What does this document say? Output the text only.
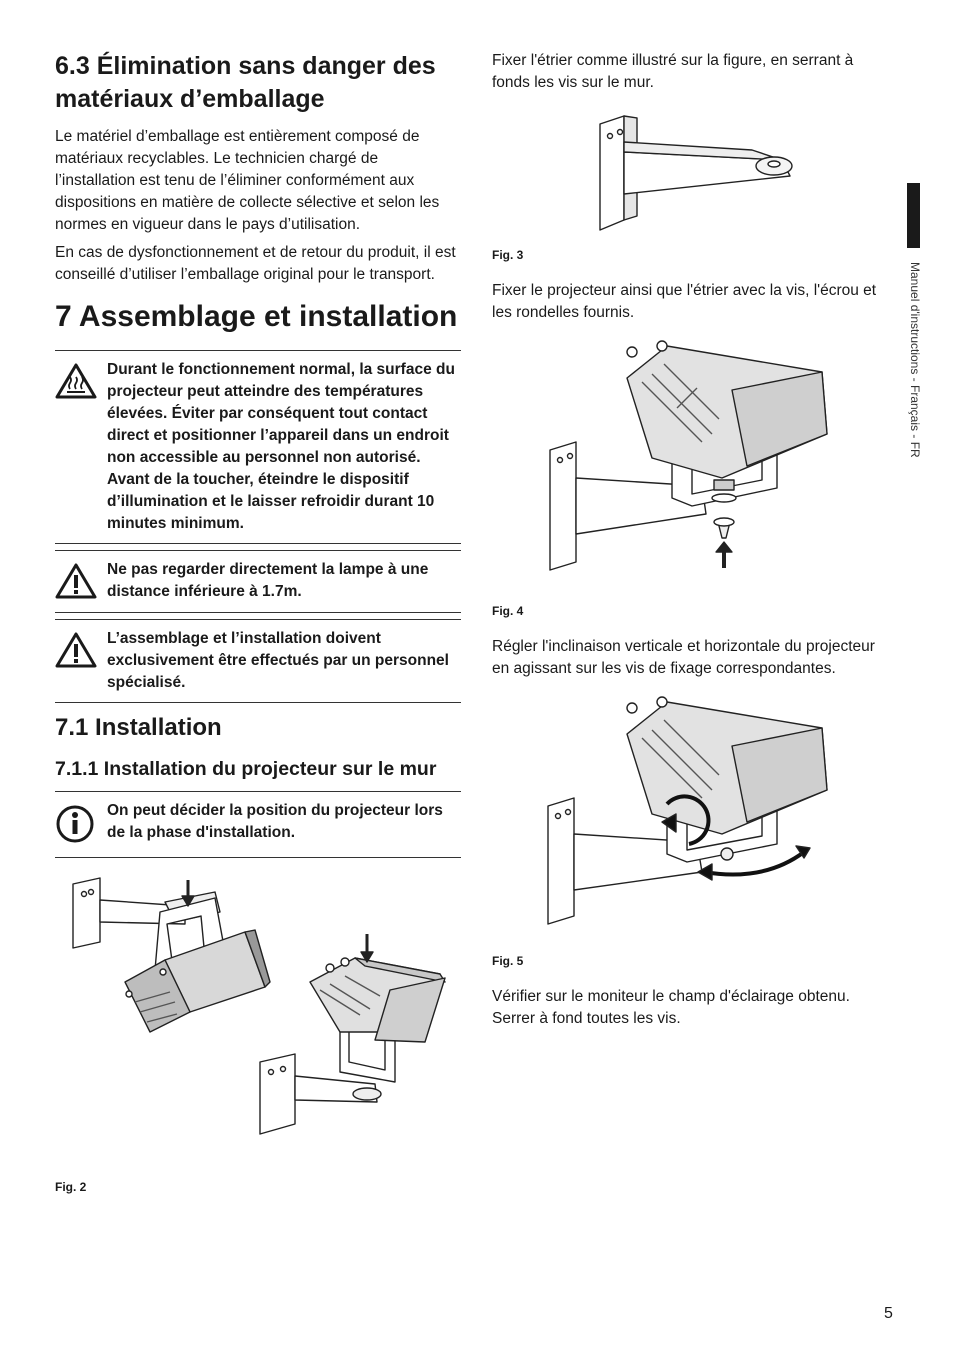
6.3 Élimination sans danger des matériaux d’emballage

Le matériel d’emballage est entièrement composé de matériaux recyclables. Le technicien chargé de l’installation est tenu de l’éliminer conformément aux dispositions en matière de collecte sélective et selon les normes en vigueur dans le pays d’utilisation.

En cas de dysfonctionnement et de retour du produit, il est conseillé d’utiliser l’emballage original pour le transport.

7 Assemblage et installation
Durant le fonctionnement normal, la surface du projecteur peut atteindre des températures élevées. Éviter par conséquent tout contact direct et positionner l’appareil dans un endroit non accessible au personnel non autorisé. Avant de la toucher, éteindre le dispositif d’illumination et le laisser refroidir durant 10 minutes minimum.
Ne pas regarder directement la lampe à une distance inférieure à 1.7m.
L’assemblage et l’installation doivent exclusivement être effectués par un personnel spécialisé.
7.1 Installation
7.1.1 Installation du projecteur sur le mur
On peut décider la position du projecteur lors de la phase d'installation.

Fig. 2

Fixer l'étrier comme illustré sur la figure, en serrant à fonds les vis sur le mur.

Fig. 3

Fixer le projecteur ainsi que l'étrier avec la vis, l'écrou et les rondelles fournis.

Fig. 4

Régler l'inclinaison verticale et horizontale du projecteur en agissant sur les vis de fixage correspondantes.

Fig. 5

Vérifier sur le moniteur le champ d'éclairage obtenu. Serrer à fond toutes les vis.

Manuel d'instructions - Français - FR
5
